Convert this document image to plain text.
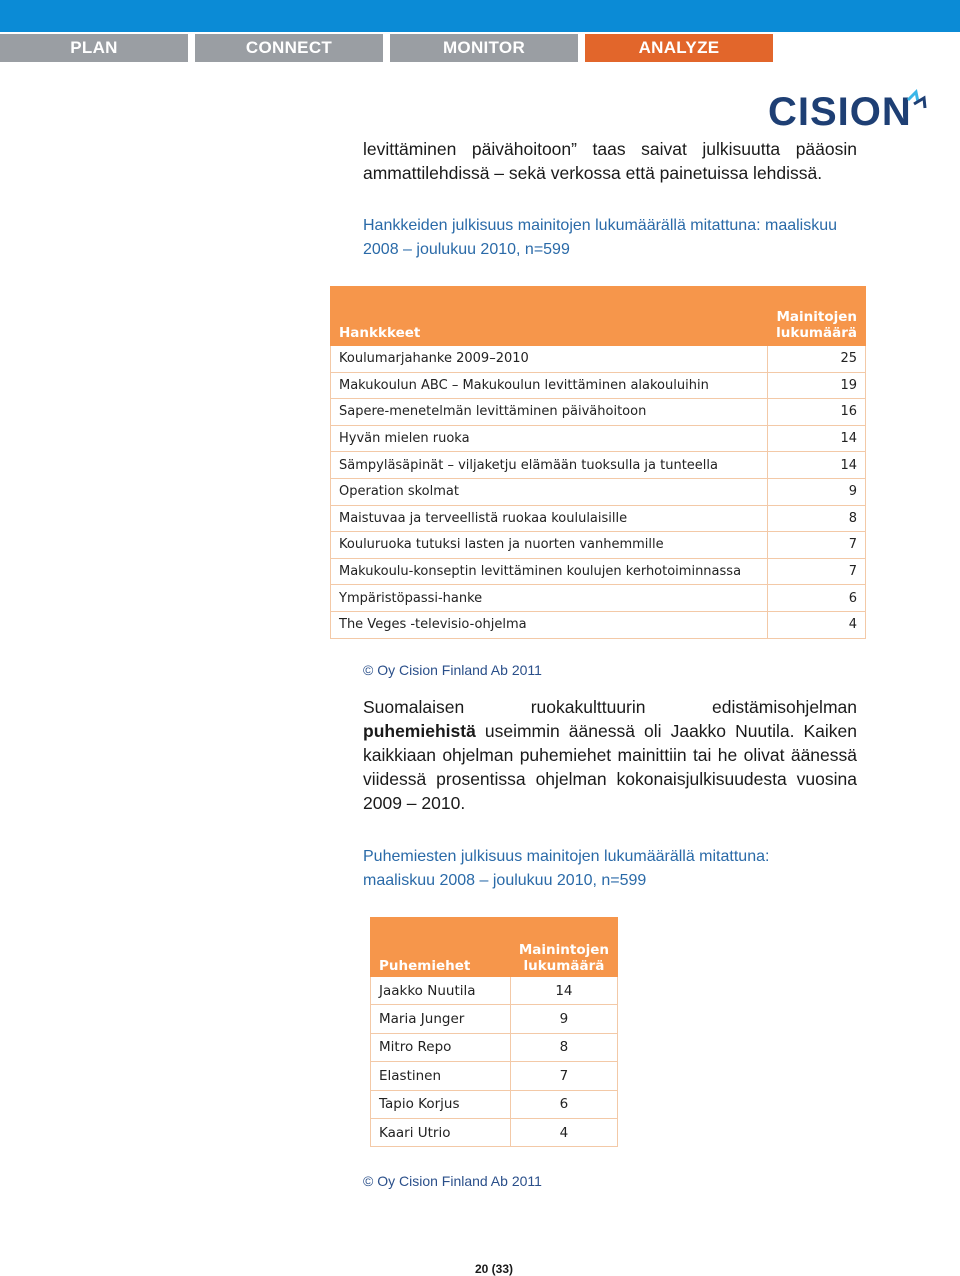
PLAN	CONNECT	MONITOR	ANALYZE
CISION
levittäminen päivähoitoon” taas saivat julkisuutta pääosin
ammattilehdissä – sekä verkossa että painetuissa lehdissä.
Hankkeiden julkisuus mainitojen lukumäärällä mitattuna: maaliskuu
2008 – joulukuu 2010, n=599
Hankkkeet	Mainitojen
lukumäärä

Koulumarjahanke 2009–2010	25
Makukoulun ABC – Makukoulun levittäminen alakouluihin	19
Sapere-menetelmän levittäminen päivähoitoon	16
Hyvän mielen ruoka	14
Sämpyläsäpinät – viljaketju elämään tuoksulla ja tunteella	14
Operation skolmat	9
Maistuvaa ja terveellistä ruokaa koululaisille	8
Kouluruoka tutuksi lasten ja nuorten vanhemmille	7
Makukoulu-konseptin levittäminen koulujen kerhotoiminnassa	7
Ympäristöpassi-hanke	6
The Veges -televisio-ohjelma	4
© Oy Cision Finland Ab 2011
Suomalaisen ruokakulttuurin edistämisohjelman
puhemiehistä useimmin äänessä oli Jaakko Nuutila. Kaiken
kaikkiaan ohjelman puhemiehet mainittiin tai he olivat äänessä
viidessä prosentissa ohjelman kokonaisjulkisuudesta vuosina
2009 – 2010.
Puhemiesten julkisuus mainitojen lukumäärällä mitattuna:
maaliskuu 2008 – joulukuu 2010, n=599
Puhemiehet	Mainintojen
lukumäärä

Jaakko Nuutila	14
Maria Junger	9
Mitro Repo	8
Elastinen	7
Tapio Korjus	6
Kaari Utrio	4
© Oy Cision Finland Ab 2011
20 (33)
